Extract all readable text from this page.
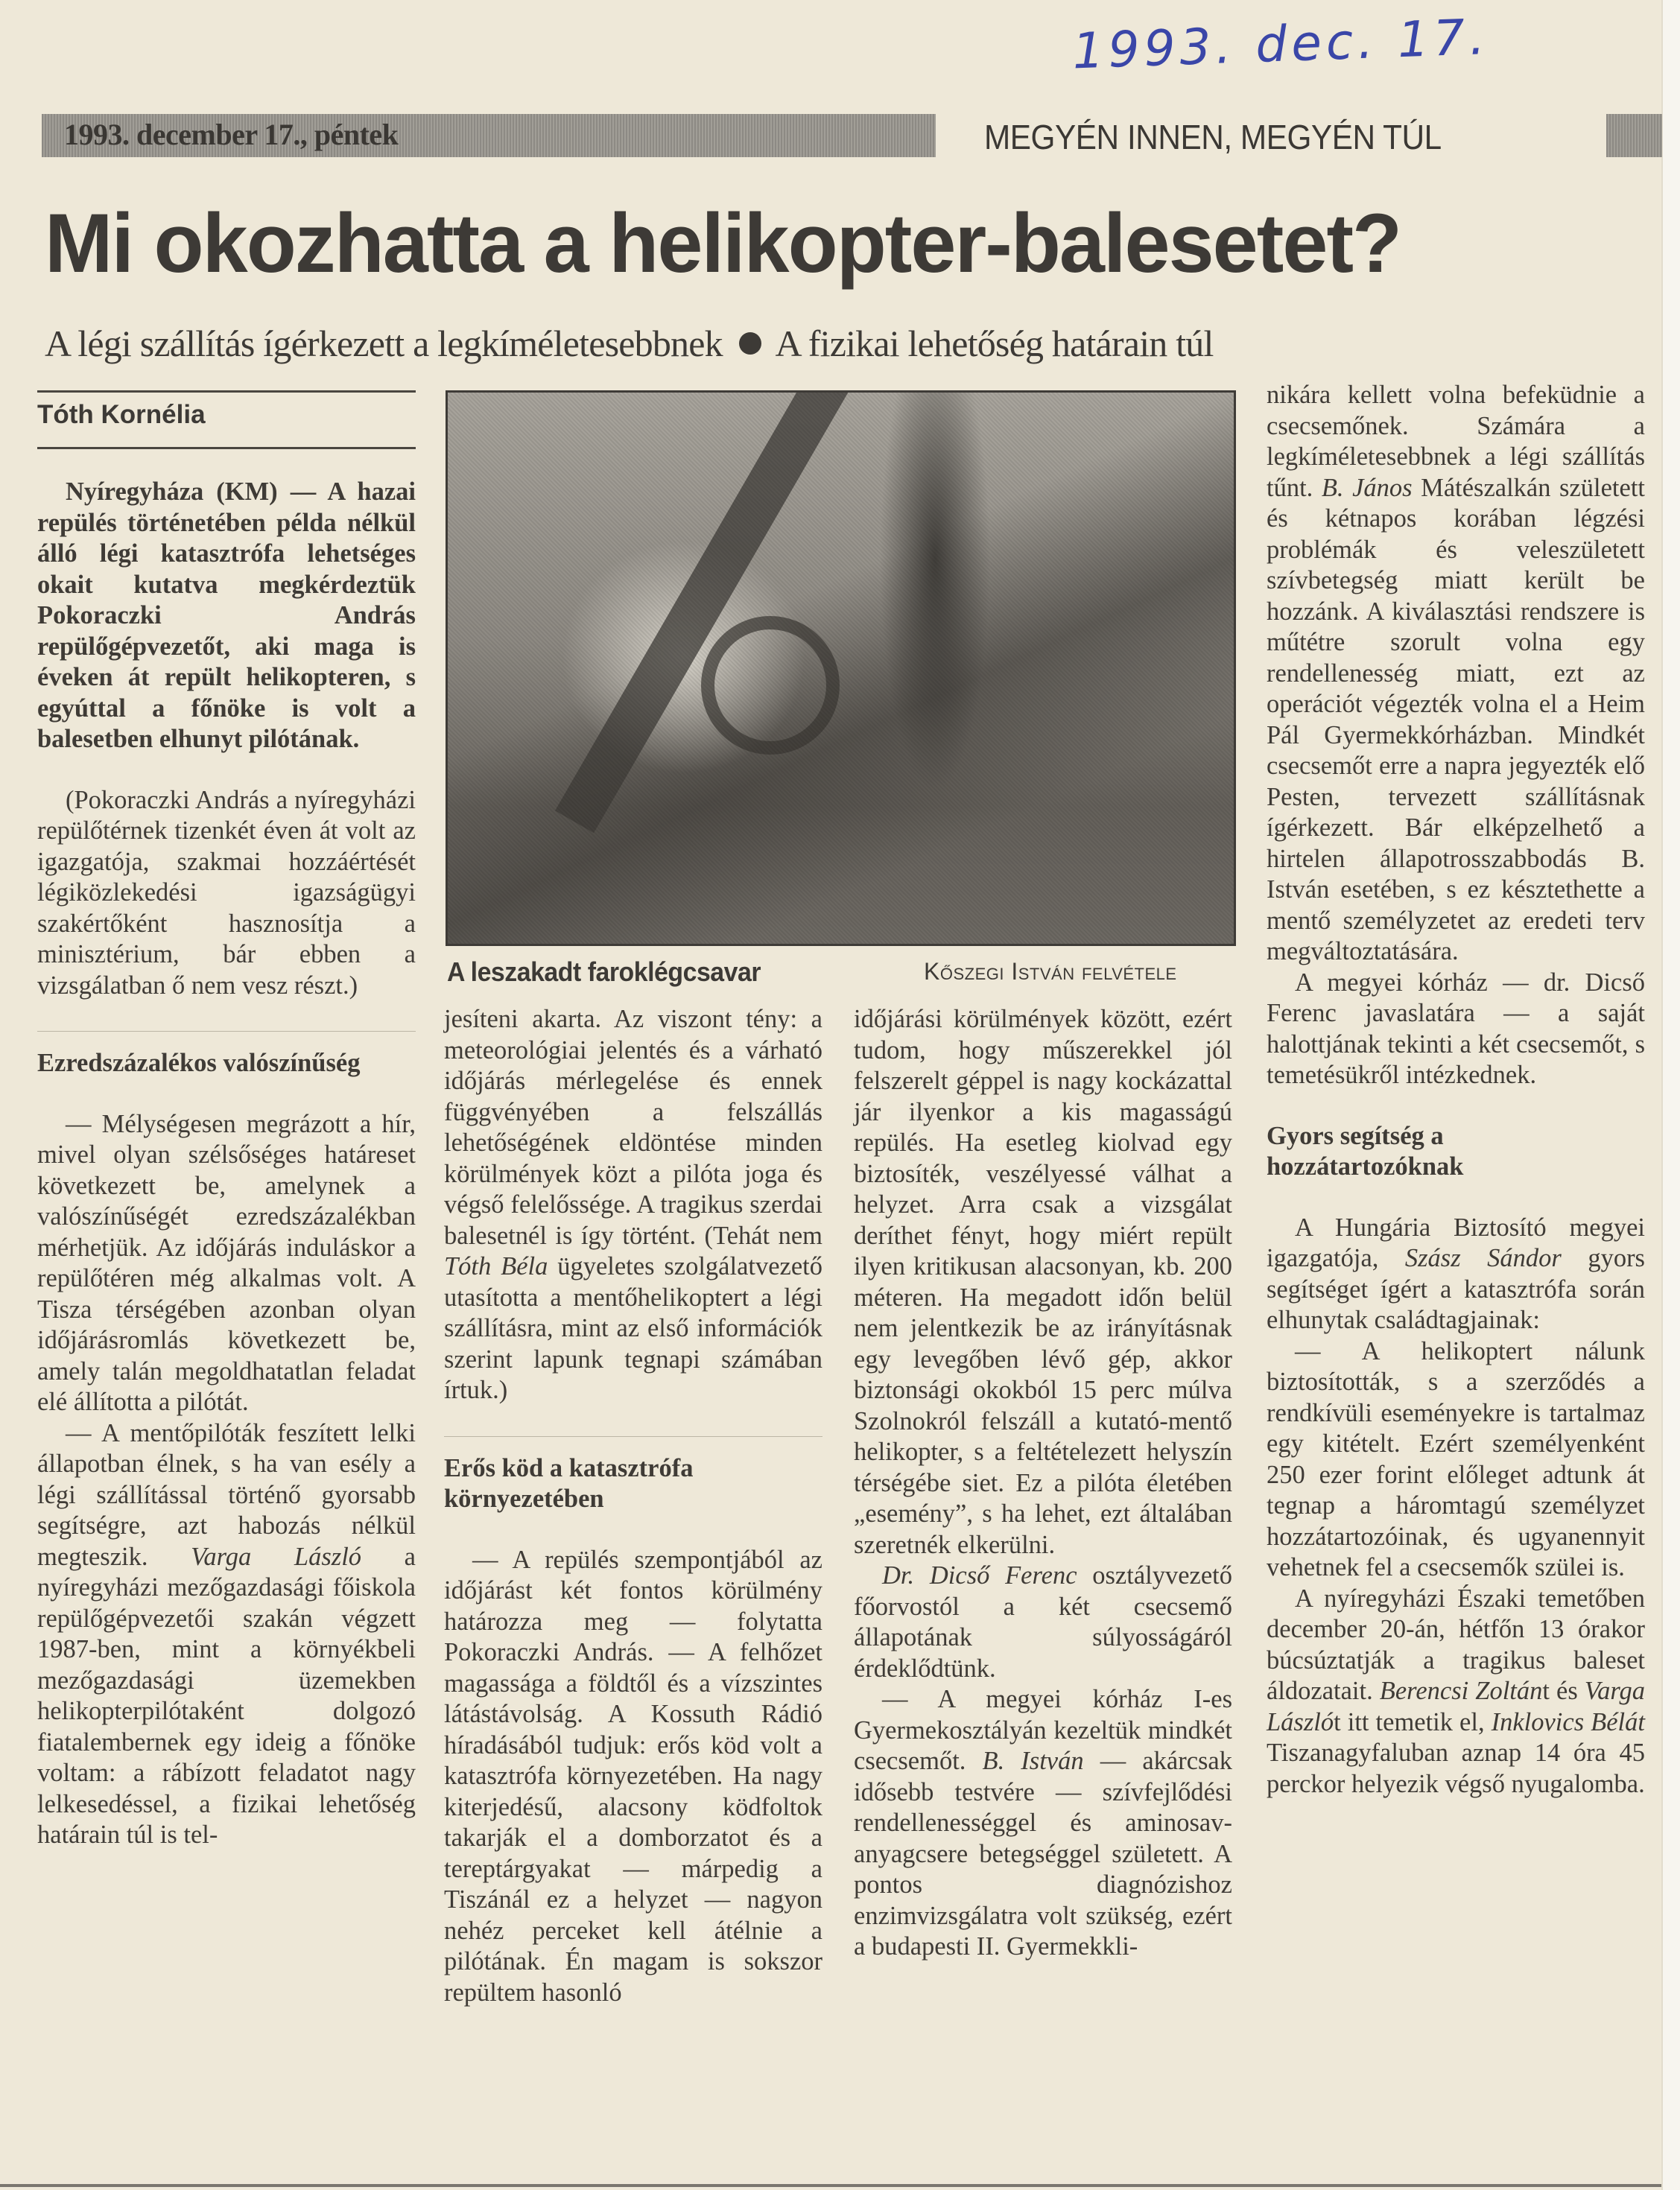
1993. dec. 17.
1993. december 17., péntek	MEGYÉN INNEN, MEGYÉN TÚL
Mi okozhatta a helikopter-balesetet?
A légi szállítás ígérkezett a legkíméletesebbnek A fizikai lehetőség határain túl
Tóth Kornélia

Nyíregyháza (KM) — A hazai repülés történetében példa nélkül álló légi katasztrófa lehetséges okait kutatva megkérdeztük Pokoraczki András repülőgépvezetőt, aki maga is éveken át repült helikopteren, s egyúttal a főnöke is volt a balesetben elhunyt pilótának.

(Pokoraczki András a nyíregyházi repülőtérnek tizenkét éven át volt az igazgatója, szakmai hozzáértését légiközlekedési igazságügyi szakértőként hasznosítja a minisztérium, bár ebben a vizsgálatban ő nem vesz részt.)

Ezredszázalékos valószínűség

— Mélységesen megrázott a hír, mivel olyan szélsőséges határeset következett be, amelynek a valószínűségét ezredszázalékban mérhetjük. Az időjárás induláskor a repülőtéren még alkalmas volt. A Tisza térségében azonban olyan időjárásromlás következett be, amely talán megoldhatatlan feladat elé állította a pilótát.

— A mentőpilóták feszített lelki állapotban élnek, s ha van esély a légi szállítással történő gyorsabb segítségre, azt habozás nélkül megteszik. Varga László a nyíregyházi mezőgazdasági főiskola repülőgépvezetői szakán végzett 1987-ben, mint a környékbeli mezőgazdasági üzemekben helikopterpilótaként dolgozó fiatalembernek egy ideig a főnöke voltam: a rábízott feladatot nagy lelkesedéssel, a fizikai lehetőség határain túl is tel-

A leszakadt faroklégcsavar	Kőszegi István felvétele

jesíteni akarta. Az viszont tény: a meteorológiai jelentés és a várható időjárás mérlegelése és ennek függvényében a felszállás lehetőségének eldöntése minden körülmények közt a pilóta joga és végső felelőssége. A tragikus szerdai balesetnél is így történt. (Tehát nem Tóth Béla ügyeletes szolgálatvezető utasította a mentőhelikoptert a légi szállításra, mint az első információk szerint lapunk tegnapi számában írtuk.)

Erős köd a katasztrófa környezetében

— A repülés szempontjából az időjárást két fontos körülmény határozza meg — folytatta Pokoraczki András. — A felhőzet magassága a földtől és a vízszintes látástávolság. A Kossuth Rádió híradásából tudjuk: erős köd volt a katasztrófa környezetében. Ha nagy kiterjedésű, alacsony ködfoltok takarják el a domborzatot és a tereptárgyakat — márpedig a Tiszánál ez a helyzet — nagyon nehéz perceket kell átélnie a pilótának. Én magam is sokszor repültem hasonló

időjárási körülmények között, ezért tudom, hogy műszerekkel jól felszerelt géppel is nagy kockázattal jár ilyenkor a kis magasságú repülés. Ha esetleg kiolvad egy biztosíték, veszélyessé válhat a helyzet. Arra csak a vizsgálat deríthet fényt, hogy miért repült ilyen kritikusan alacsonyan, kb. 200 méteren. Ha megadott időn belül nem jelentkezik be az irányításnak egy levegőben lévő gép, akkor biztonsági okokból 15 perc múlva Szolnokról felszáll a kutató-mentő helikopter, s a feltételezett helyszín térségébe siet. Ez a pilóta életében „esemény”, s ha lehet, ezt általában szeretnék elkerülni.

Dr. Dicső Ferenc osztályvezető főorvostól a két csecsemő állapotának súlyosságáról érdeklődtünk.

— A megyei kórház I-es Gyermekosztályán kezeltük mindkét csecsemőt. B. István — akárcsak idősebb testvére — szívfejlődési rendellenességgel és aminosav-anyagcsere betegséggel született. A pontos diagnózishoz enzimvizsgálatra volt szükség, ezért a budapesti II. Gyermekkli-

nikára kellett volna befeküdnie a csecsemőnek. Számára a legkíméletesebbnek a légi szállítás tűnt. B. János Mátészalkán született és kétnapos korában légzési problémák és veleszületett szívbetegség miatt került be hozzánk. A kiválasztási rendszere is műtétre szorult volna egy rendellenesség miatt, ezt az operációt végezték volna el a Heim Pál Gyermekkórházban. Mindkét csecsemőt erre a napra jegyezték elő Pesten, tervezett szállításnak ígérkezett. Bár elképzelhető a hirtelen állapotrosszabbodás B. István esetében, s ez késztethette a mentő személyzetet az eredeti terv megváltoztatására.

A megyei kórház — dr. Dicső Ferenc javaslatára — a saját halottjának tekinti a két csecsemőt, s temetésükről intézkednek.

Gyors segítség a hozzátartozóknak

A Hungária Biztosító megyei igazgatója, Szász Sándor gyors segítséget ígért a katasztrófa során elhunytak családtagjainak:

— A helikoptert nálunk biztosították, s a szerződés a rendkívüli eseményekre is tartalmaz egy kitételt. Ezért személyenként 250 ezer forint előleget adtunk át tegnap a háromtagú személyzet hozzátartozóinak, és ugyanennyit vehetnek fel a csecsemők szülei is.

A nyíregyházi Északi temetőben december 20-án, hétfőn 13 órakor búcsúztatják a tragikus baleset áldozatait. Berencsi Zoltánt és Varga Lászlót itt temetik el, Inklovics Bélát Tiszanagyfaluban aznap 14 óra 45 perckor helyezik végső nyugalomba.
